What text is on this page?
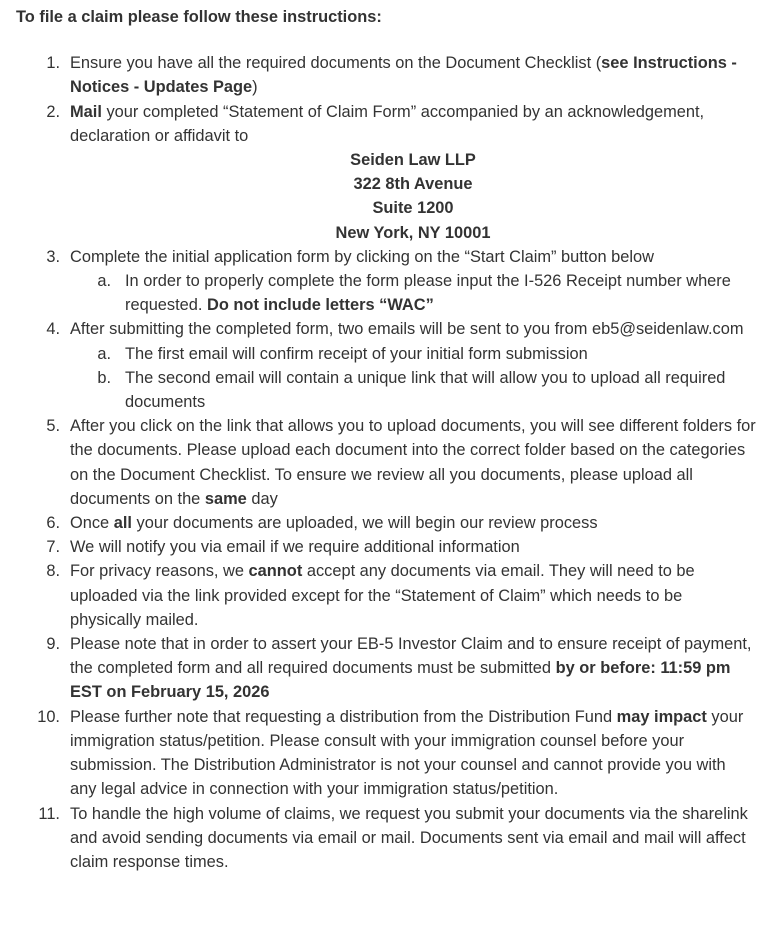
To file a claim please follow these instructions:
1. Ensure you have all the required documents on the Document Checklist (see Instructions - Notices - Updates Page)
2. Mail your completed “Statement of Claim Form” accompanied by an acknowledgement, declaration or affidavit to
Seiden Law LLP
322 8th Avenue
Suite 1200
New York, NY 10001
3. Complete the initial application form by clicking on the “Start Claim” button below
a. In order to properly complete the form please input the I-526 Receipt number where requested. Do not include letters “WAC”
4. After submitting the completed form, two emails will be sent to you from eb5@seidenlaw.com
a. The first email will confirm receipt of your initial form submission
b. The second email will contain a unique link that will allow you to upload all required documents
5. After you click on the link that allows you to upload documents, you will see different folders for the documents. Please upload each document into the correct folder based on the categories on the Document Checklist. To ensure we review all you documents, please upload all documents on the same day
6. Once all your documents are uploaded, we will begin our review process
7. We will notify you via email if we require additional information
8. For privacy reasons, we cannot accept any documents via email. They will need to be uploaded via the link provided except for the “Statement of Claim” which needs to be physically mailed.
9. Please note that in order to assert your EB-5 Investor Claim and to ensure receipt of payment, the completed form and all required documents must be submitted by or before: 11:59 pm EST on February 15, 2026
10. Please further note that requesting a distribution from the Distribution Fund may impact your immigration status/petition. Please consult with your immigration counsel before your submission. The Distribution Administrator is not your counsel and cannot provide you with any legal advice in connection with your immigration status/petition.
11. To handle the high volume of claims, we request you submit your documents via the sharelink and avoid sending documents via email or mail. Documents sent via email and mail will affect claim response times.
